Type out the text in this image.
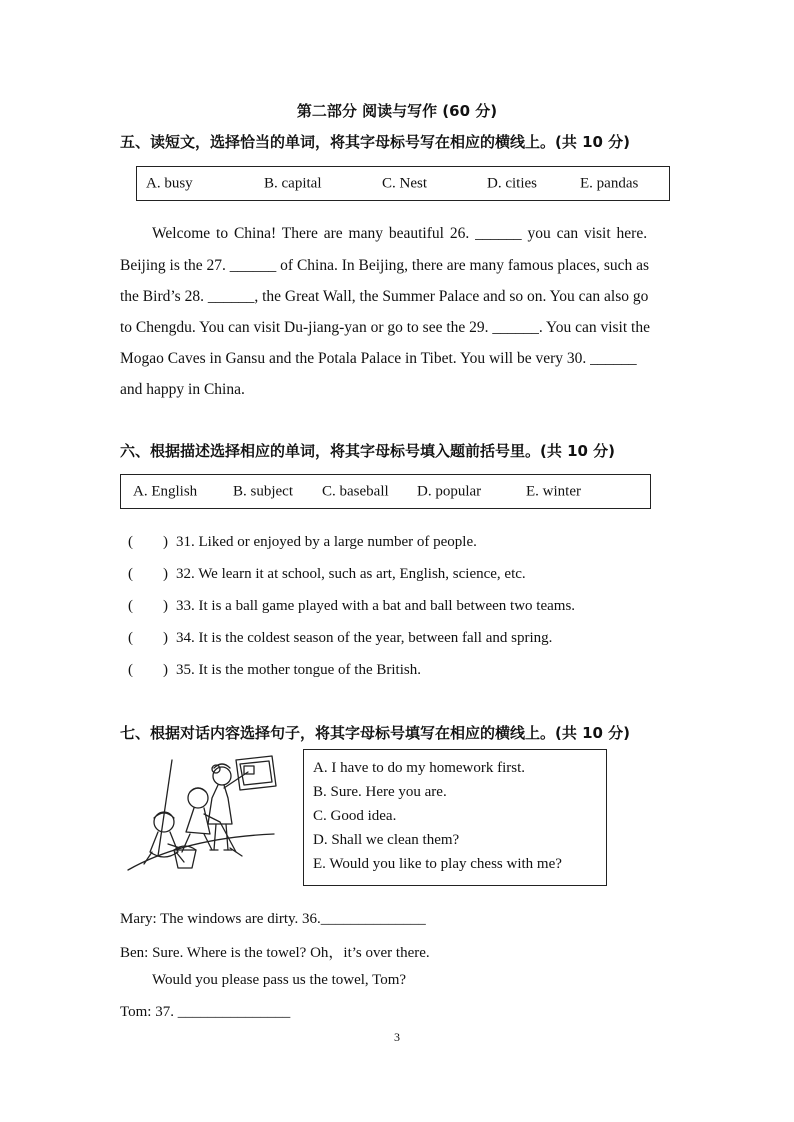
第二部分 阅读与写作 (60 分)
五、读短文，选择恰当的单词，将其字母标号写在相应的横线上。(共 10 分)
A. busy	B. capital	C. Nest	D. cities	E. pandas
Welcome to China! There are many beautiful 26. ______ you can visit here.
Beijing is the 27. ______ of China. In Beijing, there are many famous places, such as
the Bird’s 28. ______, the Great Wall, the Summer Palace and so on. You can also go
to Chengdu. You can visit Du-jiang-yan or go to see the 29. ______. You can visit the
Mogao Caves in Gansu and the Potala Palace in Tibet. You will be very 30. ______
and happy in China.
六、根据描述选择相应的单词，将其字母标号填入题前括号里。(共 10 分)
A. English B. subject C. baseball D. popular	E. winter
(　　) 31. Liked or enjoyed by a large number of people.
(　　) 32. We learn it at school, such as art, English, science, etc.
(　　) 33. It is a ball game played with a bat and ball between two teams.
(　　) 34. It is the coldest season of the year, between fall and spring.
(　　) 35. It is the mother tongue of the British.
七、根据对话内容选择句子，将其字母标号填写在相应的横线上。(共 10 分)
A. I have to do my homework first.
B. Sure. Here you are.
C. Good idea.
D. Shall we clean them?
E. Would you like to play chess with me?
Mary: The windows are dirty. 36.______________
Ben: Sure. Where is the towel? Oh，it’s over there.
Would you please pass us the towel, Tom?
Tom: 37. _______________
3
